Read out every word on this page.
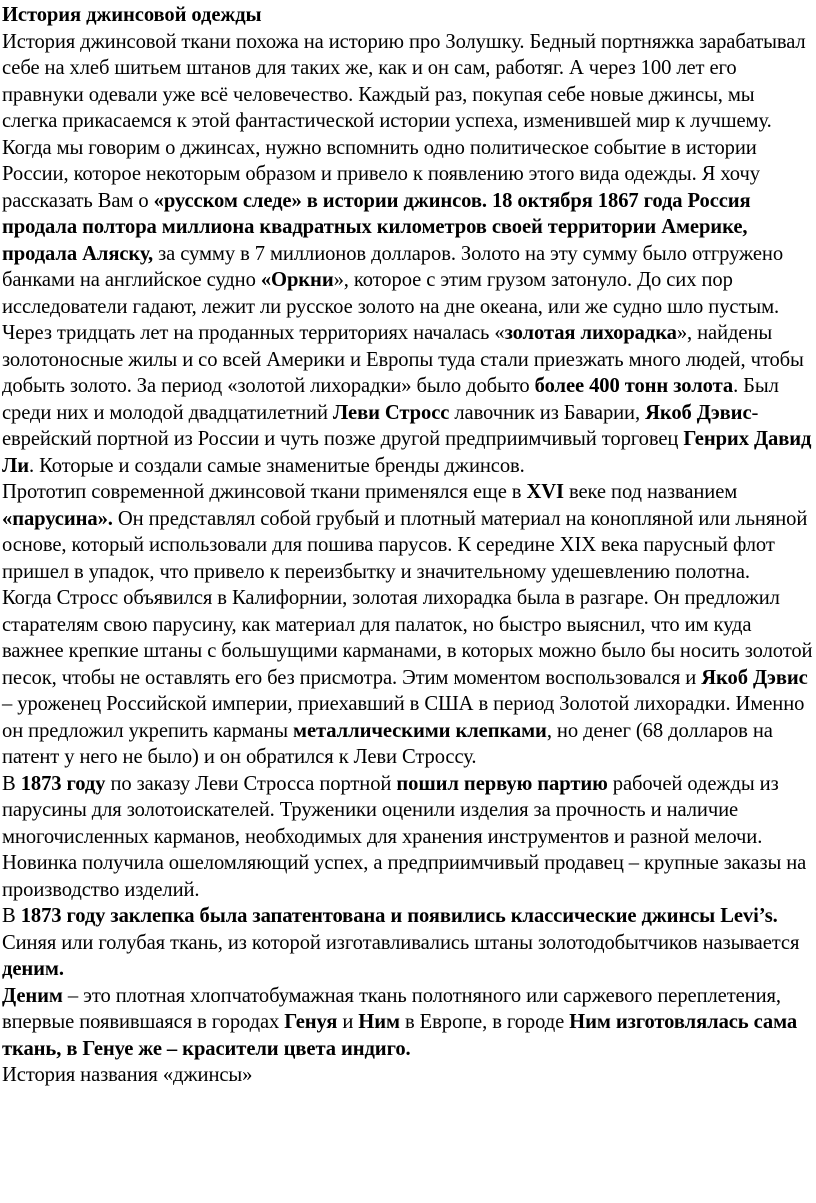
История джинсовой одежды

История джинсовой ткани похожа на историю про Золушку. Бедный портняжка зарабатывал себе на хлеб шитьем штанов для таких же, как и он сам, работяг. А через 100 лет его правнуки одевали уже всё человечество. Каждый раз, покупая себе новые джинсы, мы слегка прикасаемся к этой фантастической истории успеха, изменившей мир к лучшему.

Когда мы говорим о джинсах, нужно вспомнить одно политическое событие в истории России, которое некоторым образом и привело к появлению этого вида одежды. Я хочу рассказать Вам о «русском следе» в истории джинсов. 18 октября 1867 года Россия продала полтора миллиона квадратных километров своей территории Америке, продала Аляску, за сумму в 7 миллионов долларов. Золото на эту сумму было отгружено банками на английское судно «Оркни», которое с этим грузом затонуло. До сих пор исследователи гадают, лежит ли русское золото на дне океана, или же судно шло пустым. Через тридцать лет на проданных территориях началась «золотая лихорадка», найдены золотоносные жилы и со всей Америки и Европы туда стали приезжать много людей, чтобы добыть золото. За период «золотой лихорадки» было добыто более 400 тонн золота. Был среди них и молодой двадцатилетний Леви Стросс лавочник из Баварии, Якоб Дэвис-еврейский портной из России и чуть позже другой предприимчивый торговец Генрих Давид Ли. Которые и создали самые знаменитые бренды джинсов.

Прототип современной джинсовой ткани применялся еще в XVI веке под названием «парусина». Он представлял собой грубый и плотный материал на конопляной или льняной основе, который использовали для пошива парусов. К середине XIX века парусный флот пришел в упадок, что привело к переизбытку и значительному удешевлению полотна.

Когда Стросс объявился в Калифорнии, золотая лихорадка была в разгаре. Он предложил старателям свою парусину, как материал для палаток, но быстро выяснил, что им куда важнее крепкие штаны с большущими карманами, в которых можно было бы носить золотой песок, чтобы не оставлять его без присмотра. Этим моментом воспользовался и Якоб Дэвис – уроженец Российской империи, приехавший в США в период Золотой лихорадки. Именно он предложил укрепить карманы металлическими клепками, но денег (68 долларов на патент у него не было) и он обратился к Леви Строссу.

В 1873 году по заказу Леви Стросса портной пошил первую партию рабочей одежды из парусины для золотоискателей. Труженики оценили изделия за прочность и наличие многочисленных карманов, необходимых для хранения инструментов и разной мелочи. Новинка получила ошеломляющий успех, а предприимчивый продавец – крупные заказы на производство изделий.

В 1873 году заклепка была запатентована и появились классические джинсы Levi’s. Синяя или голубая ткань, из которой изготавливались штаны золотодобытчиков называется деним.

Деним – это плотная хлопчатобумажная ткань полотняного или саржевого переплетения, впервые появившаяся в городах Генуя и Ним в Европе, в городе Ним изготовлялась сама ткань, в Генуе же – красители цвета индиго.

История названия «джинсы»
